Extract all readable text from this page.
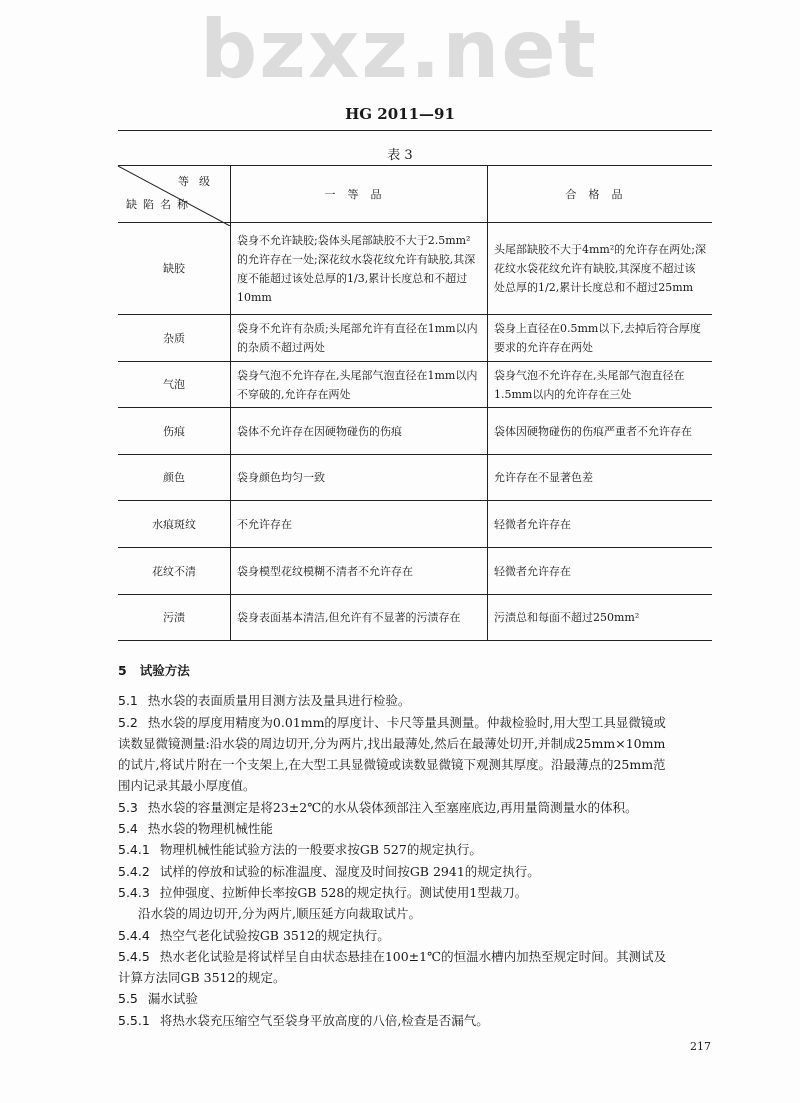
bzxz.net
HG 2011—91
表 3
等级
缺陷名称	一等品	合格品
缺胶	袋身不允许缺胶;袋体头尾部缺胶不大于2.5mm²的允许存在一处;深花纹水袋花纹允许有缺胶,其深度不能超过该处总厚的1/3,累计长度总和不超过10mm	头尾部缺胶不大于4mm²的允许存在两处;深花纹水袋花纹允许有缺胶,其深度不超过该处总厚的1/2,累计长度总和不超过25mm
杂质	袋身不允许有杂质;头尾部允许有直径在1mm以内的杂质不超过两处	袋身上直径在0.5mm以下,去掉后符合厚度要求的允许存在两处
气泡	袋身气泡不允许存在,头尾部气泡直径在1mm以内不穿破的,允许存在两处	袋身气泡不允许存在,头尾部气泡直径在1.5mm以内的允许存在三处
伤痕	袋体不允许存在因硬物碰伤的伤痕	袋体因硬物碰伤的伤痕严重者不允许存在
颜色	袋身颜色均匀一致	允许存在不显著色差
水痕斑纹	不允许存在	轻微者允许存在
花纹不清	袋身模型花纹模糊不清者不允许存在	轻微者允许存在
污渍	袋身表面基本清洁,但允许有不显著的污渍存在	污渍总和每面不超过250mm²
5 试验方法
5.1 热水袋的表面质量用目测方法及量具进行检验。
5.2 热水袋的厚度用精度为0.01mm的厚度计、卡尺等量具测量。仲裁检验时,用大型工具显微镜或
读数显微镜测量:沿水袋的周边切开,分为两片,找出最薄处,然后在最薄处切开,并制成25mm×10mm
的试片,将试片附在一个支架上,在大型工具显微镜或读数显微镜下观测其厚度。沿最薄点的25mm范
围内记录其最小厚度值。
5.3 热水袋的容量测定是将23±2℃的水从袋体颈部注入至塞座底边,再用量筒测量水的体积。
5.4 热水袋的物理机械性能
5.4.1 物理机械性能试验方法的一般要求按GB 527的规定执行。
5.4.2 试样的停放和试验的标准温度、湿度及时间按GB 2941的规定执行。
5.4.3 拉伸强度、拉断伸长率按GB 528的规定执行。测试使用1型裁刀。
沿水袋的周边切开,分为两片,顺压延方向裁取试片。
5.4.4 热空气老化试验按GB 3512的规定执行。
5.4.5 热水老化试验是将试样呈自由状态悬挂在100±1℃的恒温水槽内加热至规定时间。其测试及
计算方法同GB 3512的规定。
5.5 漏水试验
5.5.1 将热水袋充压缩空气至袋身平放高度的八倍,检查是否漏气。
217
